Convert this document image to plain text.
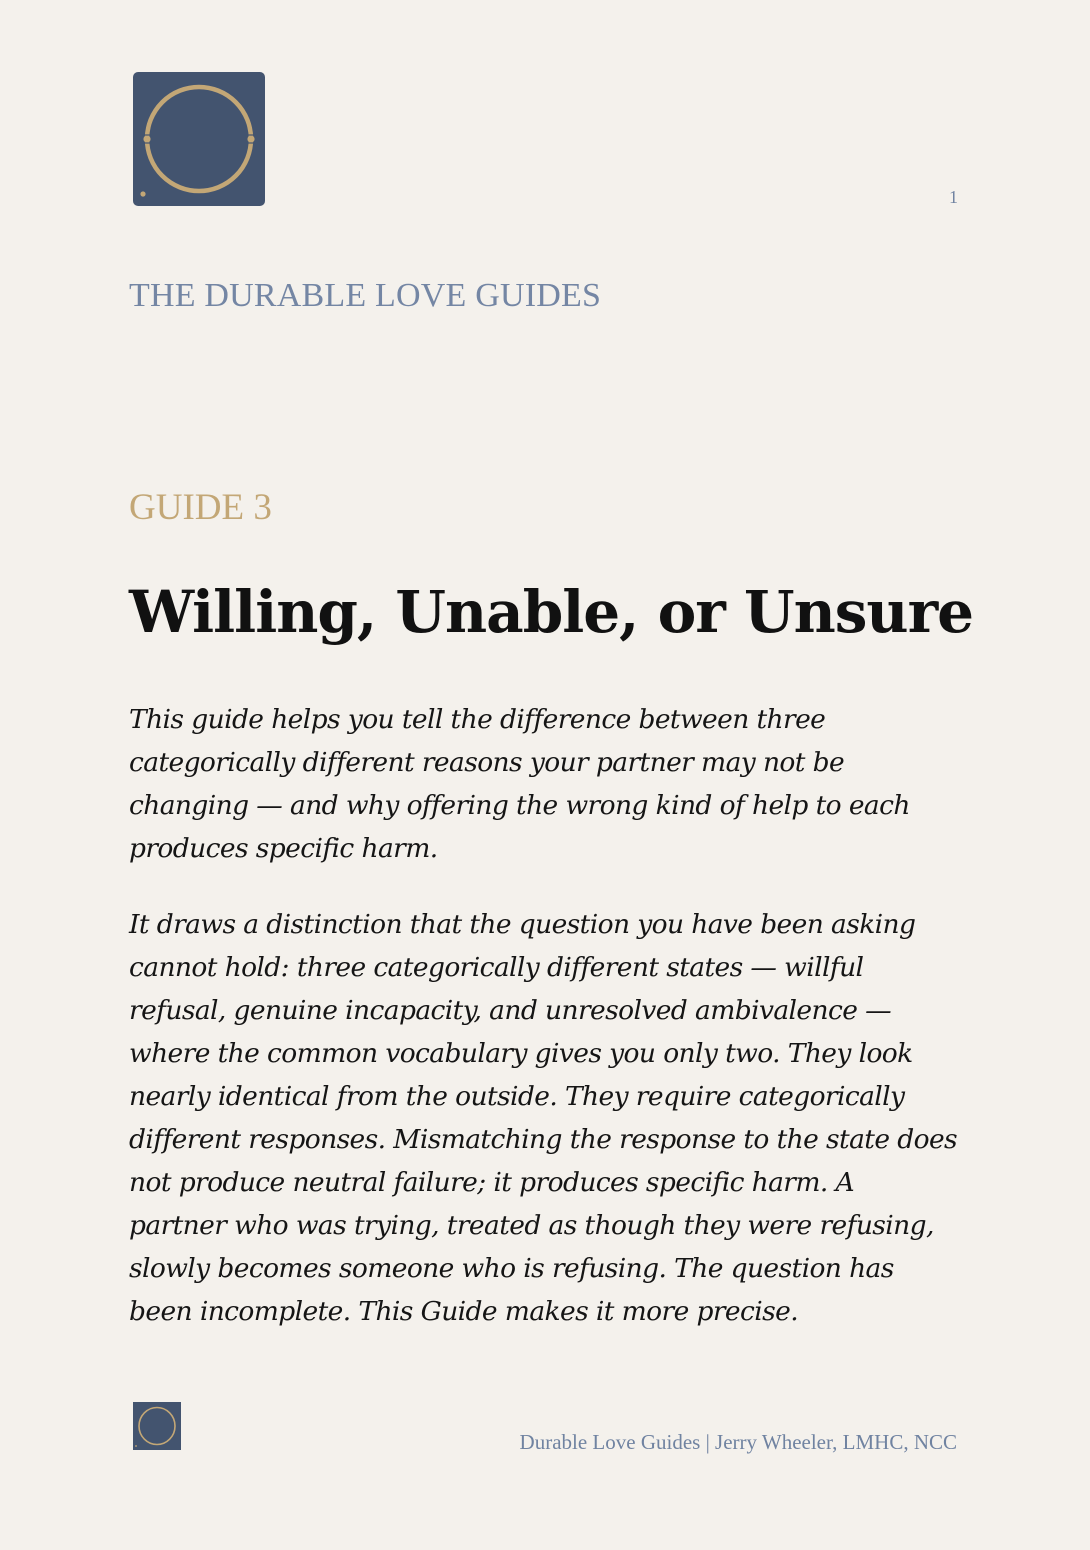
1
THE DURABLE LOVE GUIDES
GUIDE 3
Willing, Unable, or Unsure

This guide helps you tell the difference between three categorically different reasons your partner may not be changing — and why offering the wrong kind of help to each produces specific harm.

It draws a distinction that the question you have been asking cannot hold: three categorically different states — willful refusal, genuine incapacity, and unresolved ambivalence — where the common vocabulary gives you only two. They look nearly identical from the outside. They require categorically different responses. Mismatching the response to the state does not produce neutral failure; it produces specific harm. A partner who was trying, treated as though they were refusing, slowly becomes someone who is refusing. The question has been incomplete. This Guide makes it more precise.

Durable Love Guides | Jerry Wheeler, LMHC, NCC
